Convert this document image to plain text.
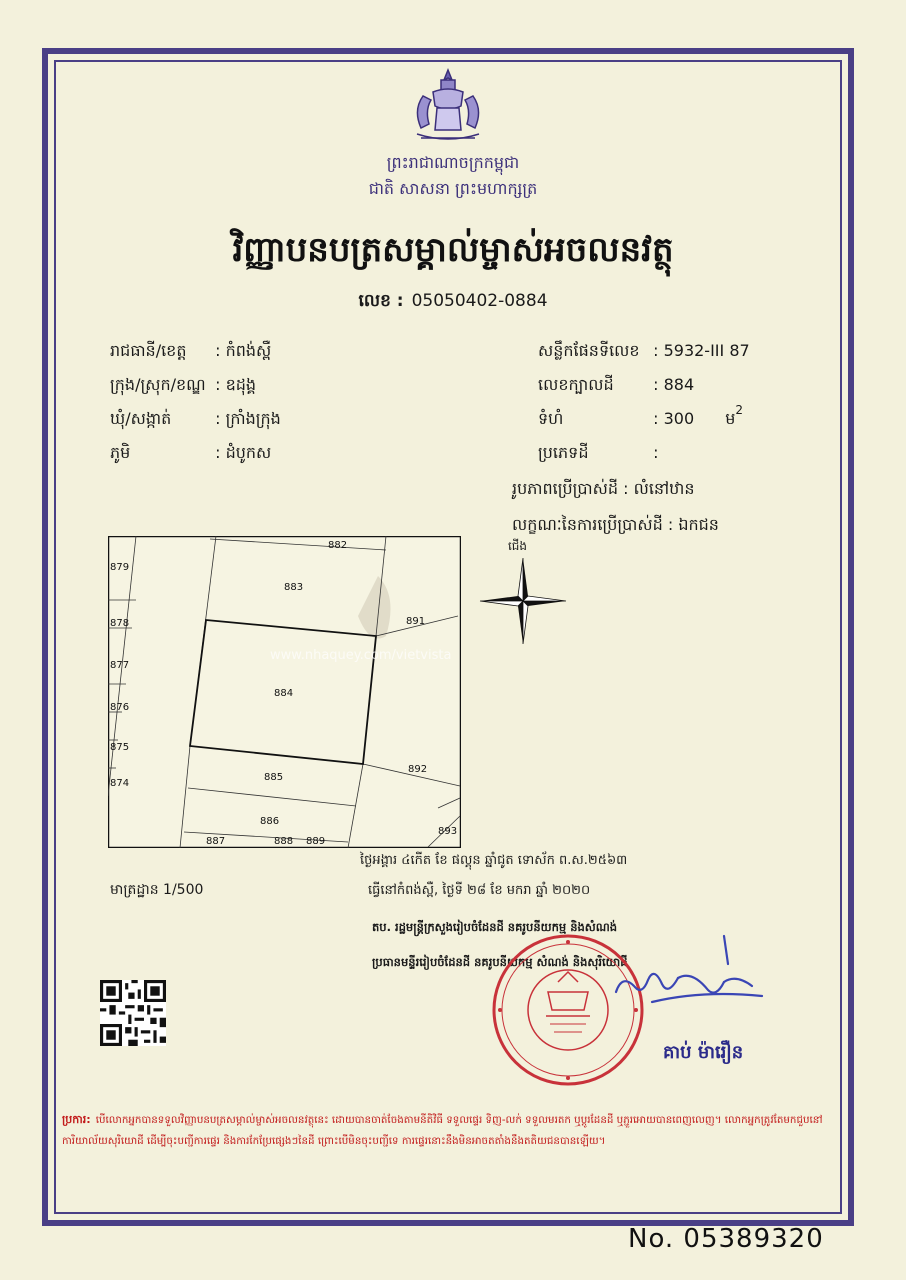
ព្រះរាជាណាចក្រកម្ពុជា
ជាតិ សាសនា ព្រះមហាក្សត្រ
វិញ្ញាបនបត្រសម្គាល់ម្ចាស់អចលនវត្ថុ
លេខ : 05050402-0884
រាជធានី/ខេត្ត : កំពង់ស្ពឺ
ក្រុង/ស្រុក/ខណ្ឌ : ឧដុង្គ
ឃុំ/សង្កាត់	: ក្រាំងក្រុង
ភូមិ	: ដំបូកស
សន្លឹកផែនទីលេខ : 5932-III 87
លេខក្បាលដី : 884
ទំហំ	: 300 ម$^2$
ប្រភេទដី	:
រូបភាពប្រើប្រាស់ដី : លំនៅឋាន
លក្ខណៈនៃការប្រើប្រាស់ដី : ឯកជន
882
883
884
885
886
887	888 889
891
892
893
874
875
876
877
878
879
ជើង
មាត្រដ្ឋាន 1/500
ថ្ងៃអង្គារ ៤កើត ខែ ផល្គុន ឆ្នាំជូត ទោស័ក ព.ស.២៥៦៣
ធ្វើនៅកំពង់ស្ពឺ, ថ្ងៃទី ២៨ ខែ មករា ឆ្នាំ ២០២០
តប. រដ្ឋមន្ត្រីក្រសួងរៀបចំដែនដី នគរូបនីយកម្ម និងសំណង់
ប្រធានមន្ទីររៀបចំដែនដី នគរូបនីយកម្ម សំណង់ និងសុរិយោដី
គាប់ ម៉ារឿន
ប្រការ: បើលោកអ្នកបានទទួលវិញ្ញាបនបត្រសម្គាល់ម្ចាស់អចលនវត្ថុនេះ ដោយបានចាត់ចែងតាមនីតិវិធី ទទួលផ្ទេរ ទិញ-លក់ ទទួលមរតក ឬប្តូរដែនដី ឬភ្ជួរអោយបានពេញលេញ។ លោកអ្នកត្រូវតែមកជួបនៅការិយាល័យសុរិយោដី ដើម្បីចុះបញ្ជីការផ្ទេរ និងការកែប្រែផ្សេងៗនៃដី ព្រោះបើមិនចុះបញ្ជីទេ ការផ្ទេរនោះនឹងមិនអាចតតាំងនឹងតតិយជនបានឡើយ។
www.nhaquey.com/vietvista
No. 05389320
